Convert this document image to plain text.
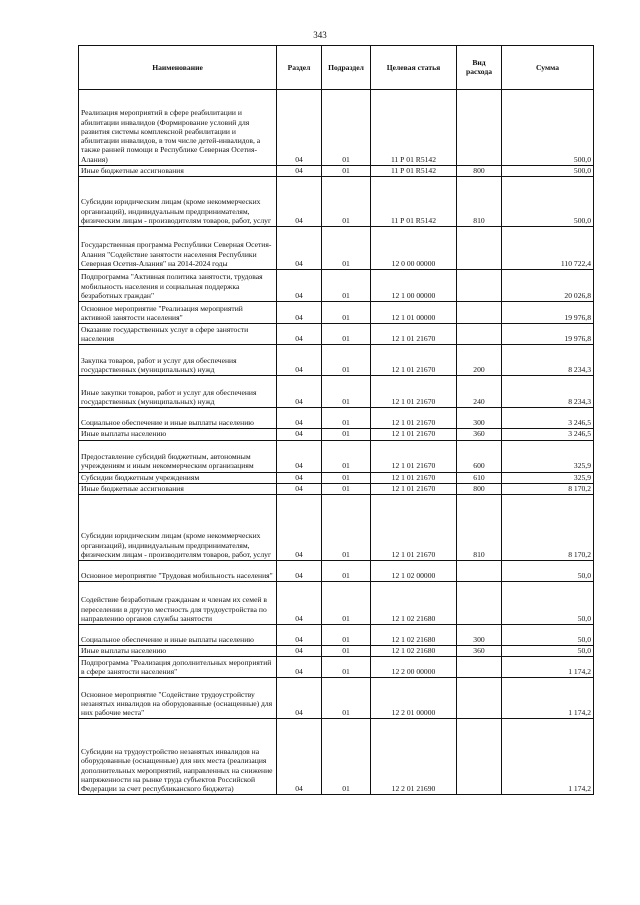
343
Наименование	Раздел	Подраздел	Целевая статья	Вид расхода	Сумма
Реализация мероприятий в сфере реабилитации и абилитации инвалидов (Формирование условий для развития системы комплексной реабилитации и абилитации инвалидов, в том числе детей-инвалидов, а также ранней помощи в Республике Северная Осетия-Алания)	04	01	11 Р 01 R5142		500,0
Иные бюджетные ассигнования	04	01	11 Р 01 R5142	800	500,0
Субсидии юридическим лицам (кроме некоммерческих организаций), индивидуальным предпринимателям, физическим лицам - производителям товаров, работ, услуг	04	01	11 Р 01 R5142	810	500,0
Государственная программа Республики Северная Осетия-Алания "Содействие занятости населения Республики Северная Осетия-Алания" на 2014-2024 годы	04	01	12 0 00 00000		110 722,4
Подпрограмма "Активная политика занятости, трудовая мобильность населения и социальная поддержка безработных граждан"	04	01	12 1 00 00000		20 026,8
Основное мероприятие "Реализация мероприятий активной занятости населения"	04	01	12 1 01 00000		19 976,8
Оказание государственных услуг в сфере занятости населения	04	01	12 1 01 21670		19 976,8
Закупка товаров, работ и услуг для обеспечения государственных (муниципальных) нужд	04	01	12 1 01 21670	200	8 234,3
Иные закупки товаров, работ и услуг для обеспечения государственных (муниципальных) нужд	04	01	12 1 01 21670	240	8 234,3
Социальное обеспечение и иные выплаты населению	04	01	12 1 01 21670	300	3 246,5
Иные выплаты населению	04	01	12 1 01 21670	360	3 246,5
Предоставление субсидий бюджетным, автономным учреждениям и иным некоммерческим организациям	04	01	12 1 01 21670	600	325,9
Субсидии бюджетным учреждениям	04	01	12 1 01 21670	610	325,9
Иные бюджетные ассигнования	04	01	12 1 01 21670	800	8 170,2
Субсидии юридическим лицам (кроме некоммерческих организаций), индивидуальным предпринимателям, физическим лицам - производителям товаров, работ, услуг	04	01	12 1 01 21670	810	8 170,2
Основное мероприятие "Трудовая мобильность населения"	04	01	12 1 02 00000		50,0
Содействие безработным гражданам и членам их семей в переселении в другую местность для трудоустройства по направлению органов службы занятости	04	01	12 1 02 21680		50,0
Социальное обеспечение и иные выплаты населению	04	01	12 1 02 21680	300	50,0
Иные выплаты населению	04	01	12 1 02 21680	360	50,0
Подпрограмма "Реализация дополнительных мероприятий в сфере занятости населения"	04	01	12 2 00 00000		1 174,2
Основное мероприятие "Содействие трудоустройству незанятых инвалидов на оборудованные (оснащенные) для них рабочие места"	04	01	12 2 01 00000		1 174,2
Субсидии на трудоустройство незанятых инвалидов на оборудованные (оснащенные) для них места (реализация дополнительных мероприятий, направленных на снижение напряженности на рынке труда субъектов Российской Федерации за счет республиканского бюджета)	04	01	12 2 01 21690		1 174,2
